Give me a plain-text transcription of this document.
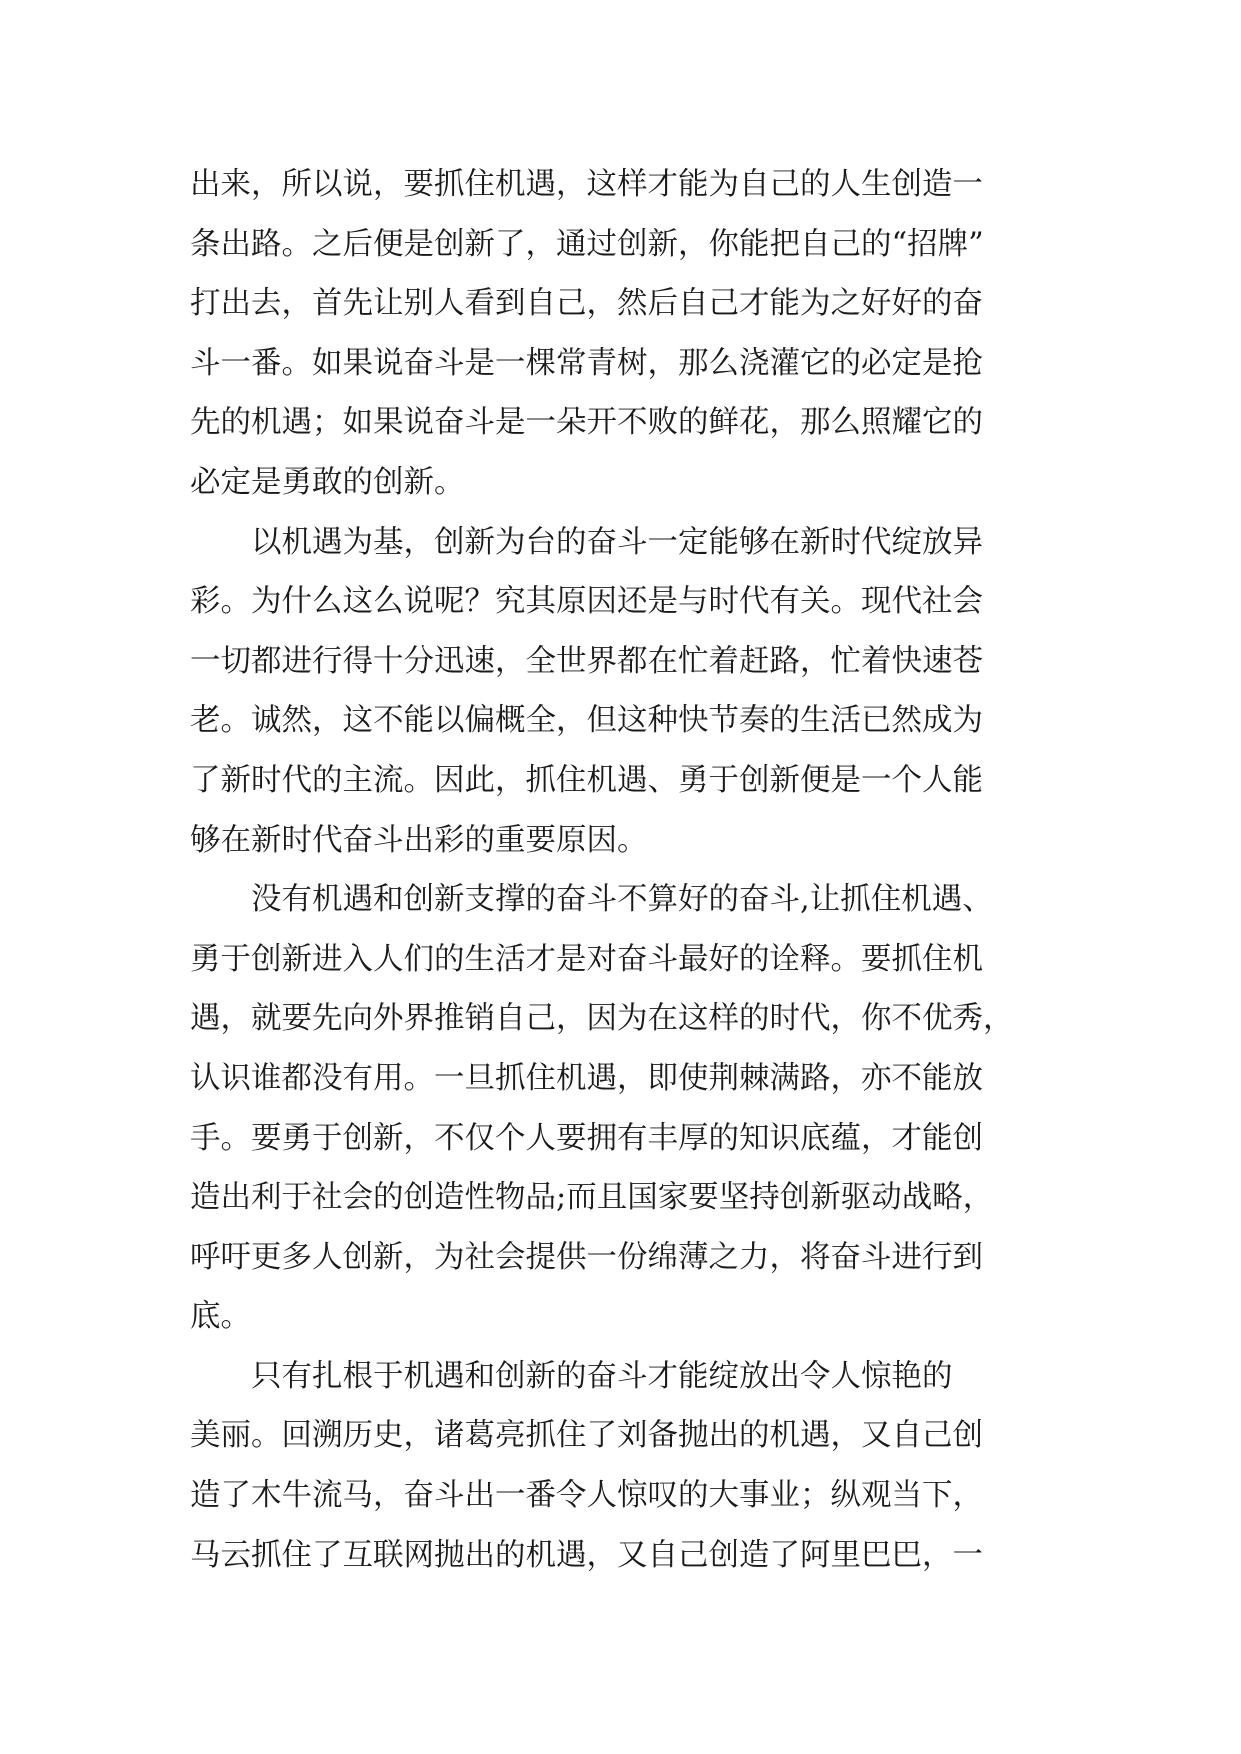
出来，所以说，要抓住机遇，这样才能为自己的人生创造一
条出路。之后便是创新了，通过创新，你能把自己的“招牌”
打出去，首先让别人看到自己，然后自己才能为之好好的奋
斗一番。如果说奋斗是一棵常青树，那么浇灌它的必定是抢
先的机遇；如果说奋斗是一朵开不败的鲜花，那么照耀它的
必定是勇敢的创新。
以机遇为基，创新为台的奋斗一定能够在新时代绽放异
彩。为什么这么说呢？究其原因还是与时代有关。现代社会
一切都进行得十分迅速，全世界都在忙着赶路，忙着快速苍
老。诚然，这不能以偏概全，但这种快节奏的生活已然成为
了新时代的主流。因此，抓住机遇、勇于创新便是一个人能
够在新时代奋斗出彩的重要原因。
没有机遇和创新支撑的奋斗不算好的奋斗,让抓住机遇、
勇于创新进入人们的生活才是对奋斗最好的诠释。要抓住机
遇，就要先向外界推销自己，因为在这样的时代，你不优秀，
认识谁都没有用。一旦抓住机遇，即使荆棘满路，亦不能放
手。要勇于创新，不仅个人要拥有丰厚的知识底蕴，才能创
造出利于社会的创造性物品;而且国家要坚持创新驱动战略，
呼吁更多人创新，为社会提供一份绵薄之力，将奋斗进行到
底。
只有扎根于机遇和创新的奋斗才能绽放出令人惊艳的
美丽。回溯历史，诸葛亮抓住了刘备抛出的机遇，又自己创
造了木牛流马，奋斗出一番令人惊叹的大事业；纵观当下，
马云抓住了互联网抛出的机遇，又自己创造了阿里巴巴，一
